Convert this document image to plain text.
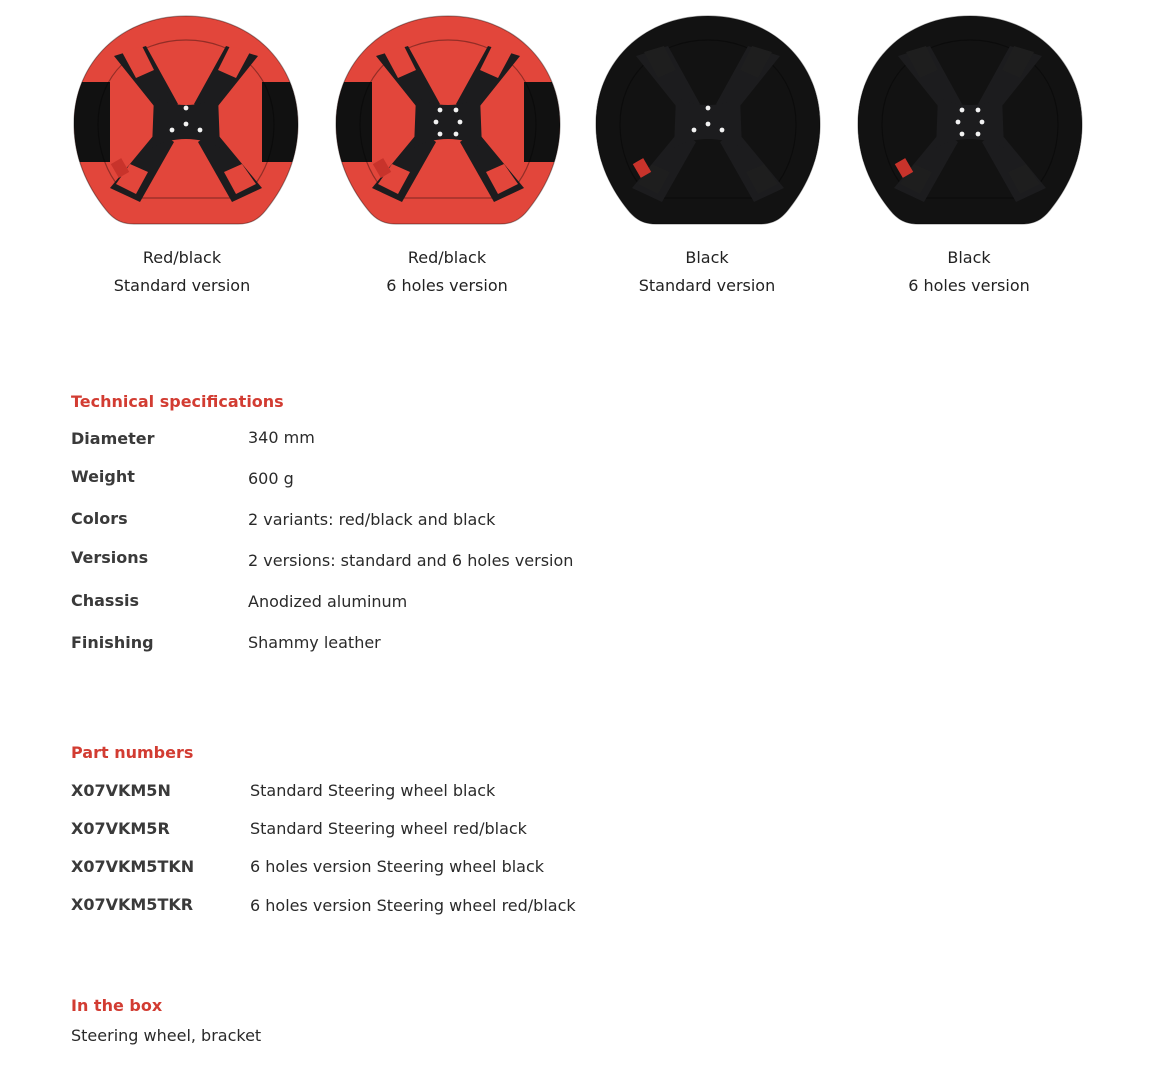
Red/black
Standard version
Red/black
6 holes version
Black
Standard version
Black
6 holes version
Technical specifications
Diameter	340 mm
Weight	600 g
Colors	2 variants: red/black and black
Versions	2 versions: standard and 6 holes version
Chassis	Anodized aluminum
Finishing	Shammy leather
Part numbers
X07VKM5N	Standard Steering wheel black
X07VKM5R	Standard Steering wheel red/black
X07VKM5TKN	6 holes version Steering wheel black
X07VKM5TKR	6 holes version Steering wheel red/black
In the box
Steering wheel, bracket
